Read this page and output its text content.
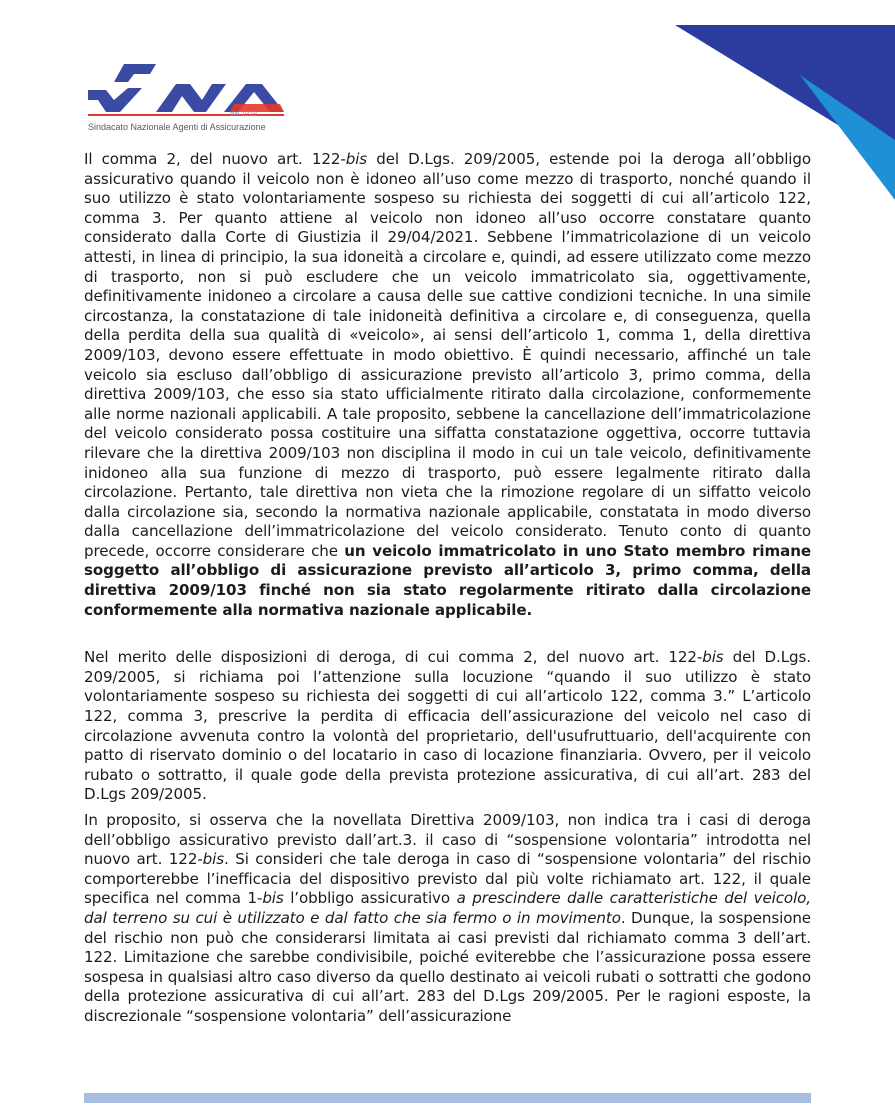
dal 1919
Sindacato Nazionale Agenti di Assicurazione

Il comma 2, del nuovo art. 122-bis del D.Lgs. 209/2005, estende poi la deroga all’obbligo assicurativo quando il veicolo non è idoneo all’uso come mezzo di trasporto, nonché quando il suo utilizzo è stato volontariamente sospeso su richiesta dei soggetti di cui all’articolo 122, comma 3. Per quanto attiene al veicolo non idoneo all’uso occorre constatare quanto considerato dalla Corte di Giustizia il 29/04/2021. Sebbene l’immatricolazione di un veicolo attesti, in linea di principio, la sua idoneità a circolare e, quindi, ad essere utilizzato come mezzo di trasporto, non si può escludere che un veicolo immatricolato sia, oggettivamente, definitivamente inidoneo a circolare a causa delle sue cattive condizioni tecniche. In una simile circostanza, la constatazione di tale inidoneità definitiva a circolare e, di conseguenza, quella della perdita della sua qualità di «veicolo», ai sensi dell’articolo 1, comma 1, della direttiva 2009/103, devono essere effettuate in modo obiettivo. È quindi necessario, affinché un tale veicolo sia escluso dall’obbligo di assicurazione previsto all’articolo 3, primo comma, della direttiva 2009/103, che esso sia stato ufficialmente ritirato dalla circolazione, conformemente alle norme nazionali applicabili. A tale proposito, sebbene la cancellazione dell’immatricolazione del veicolo considerato possa costituire una siffatta constatazione oggettiva, occorre tuttavia rilevare che la direttiva 2009/103 non disciplina il modo in cui un tale veicolo, definitivamente inidoneo alla sua funzione di mezzo di trasporto, può essere legalmente ritirato dalla circolazione. Pertanto, tale direttiva non vieta che la rimozione regolare di un siffatto veicolo dalla circolazione sia, secondo la normativa nazionale applicabile, constatata in modo diverso dalla cancellazione dell’immatricolazione del veicolo considerato. Tenuto conto di quanto precede, occorre considerare che un veicolo immatricolato in uno Stato membro rimane soggetto all’obbligo di assicurazione previsto all’articolo 3, primo comma, della direttiva 2009/103 finché non sia stato regolarmente ritirato dalla circolazione conformemente alla normativa nazionale applicabile.

Nel merito delle disposizioni di deroga, di cui comma 2, del nuovo art. 122-bis del D.Lgs. 209/2005, si richiama poi l’attenzione sulla locuzione “quando il suo utilizzo è stato volontariamente sospeso su richiesta dei soggetti di cui all’articolo 122, comma 3.” L’articolo 122, comma 3, prescrive la perdita di efficacia dell’assicurazione del veicolo nel caso di circolazione avvenuta contro la volontà del proprietario, dell'usufruttuario, dell'acquirente con patto di riservato dominio o del locatario in caso di locazione finanziaria. Ovvero, per il veicolo rubato o sottratto, il quale gode della prevista protezione assicurativa, di cui all’art. 283 del D.Lgs 209/2005.

In proposito, si osserva che la novellata Direttiva 2009/103, non indica tra i casi di deroga dell’obbligo assicurativo previsto dall’art.3. il caso di “sospensione volontaria” introdotta nel nuovo art. 122-bis. Si consideri che tale deroga in caso di “sospensione volontaria” del rischio comporterebbe l’inefficacia del dispositivo previsto dal più volte richiamato art. 122, il quale specifica nel comma 1-bis l’obbligo assicurativo a prescindere dalle caratteristiche del veicolo, dal terreno su cui è utilizzato e dal fatto che sia fermo o in movimento. Dunque, la sospensione del rischio non può che considerarsi limitata ai casi previsti dal richiamato comma 3 dell’art. 122. Limitazione che sarebbe condivisibile, poiché eviterebbe che l’assicurazione possa essere sospesa in qualsiasi altro caso diverso da quello destinato ai veicoli rubati o sottratti che godono della protezione assicurativa di cui all’art. 283 del D.Lgs 209/2005. Per le ragioni esposte, la discrezionale “sospensione volontaria” dell’assicurazione
